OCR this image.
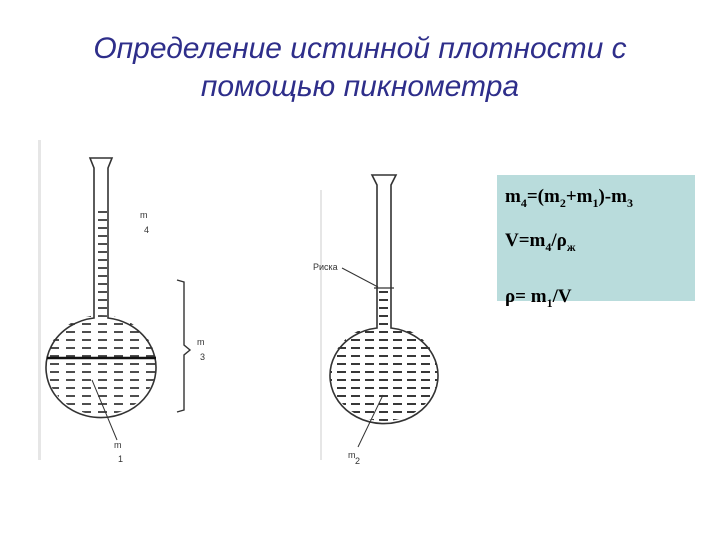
Определение истинной плотности с
помощью пикнометра
m
4
m
3
m
1
Риска
m
2
$m_4=(m_2+m_1)-m_3$
$V=m_4/\rho_ж$
$\rho= m_1/V$
